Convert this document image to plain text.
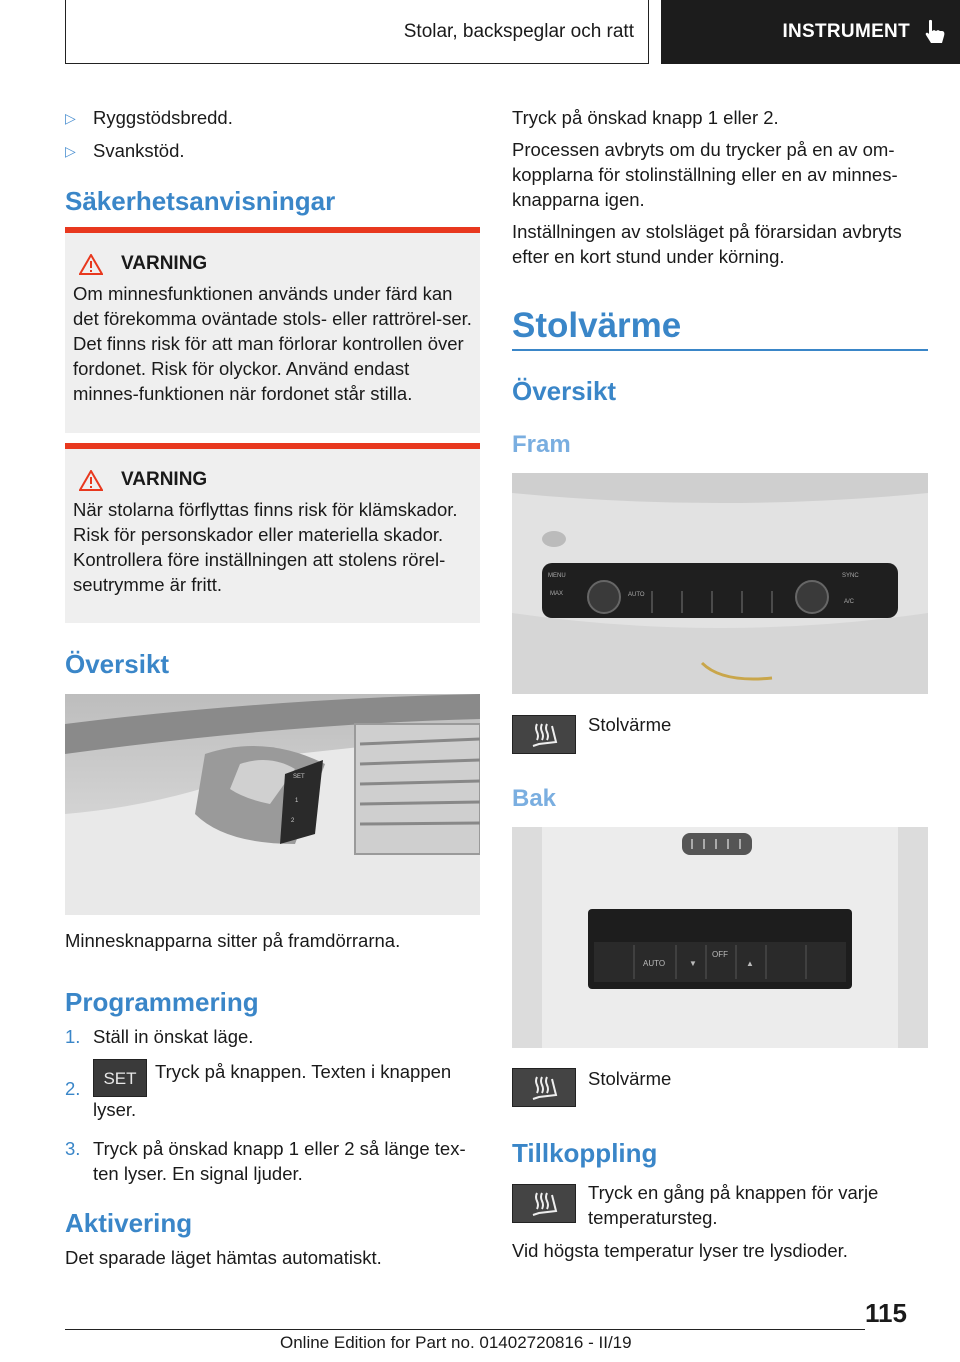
Stolar, backspeglar och ratt	INSTRUMENT
▷ Ryggstödsbredd.
▷ Svankstöd.
Säkerhetsanvisningar
VARNING

Om minnesfunktionen används under färd kan det förekomma oväntade stols- eller rattrörel-ser. Det finns risk för att man förlorar kontrollen över fordonet. Risk för olyckor. Använd endast minnes-funktionen när fordonet står stilla.

VARNING

När stolarna förflyttas finns risk för klämskador. Risk för personskador eller materiella skador. Kontrollera före inställningen att stolens rörel-seutrymme är fritt.

Översikt
SET
1
2
Minnesknapparna sitter på framdörrarna.
Programmering
1. Ställ in önskat läge.
2.	SET Tryck på knappen. Texten i knappen lyser.
3. Tryck på önskad knapp 1 eller 2 så länge tex-ten lyser. En signal ljuder.
Aktivering
Det sparade läget hämtas automatiskt.
Tryck på önskad knapp 1 eller 2.
Processen avbryts om du trycker på en av om-kopplarna för stolinställning eller en av minnes-knapparna igen.
Inställningen av stolsläget på förarsidan avbryts efter en kort stund under körning.
Stolvärme
Översikt
Fram
MENU
MAX
SYNC
A/C
AUTO
Stolvärme
Bak
AUTO	▼
OFF
▲
Stolvärme
Tillkoppling
Tryck en gång på knappen för varje temperatursteg.
Vid högsta temperatur lyser tre lysdioder.
115
Online Edition for Part no. 01402720816 - II/19
